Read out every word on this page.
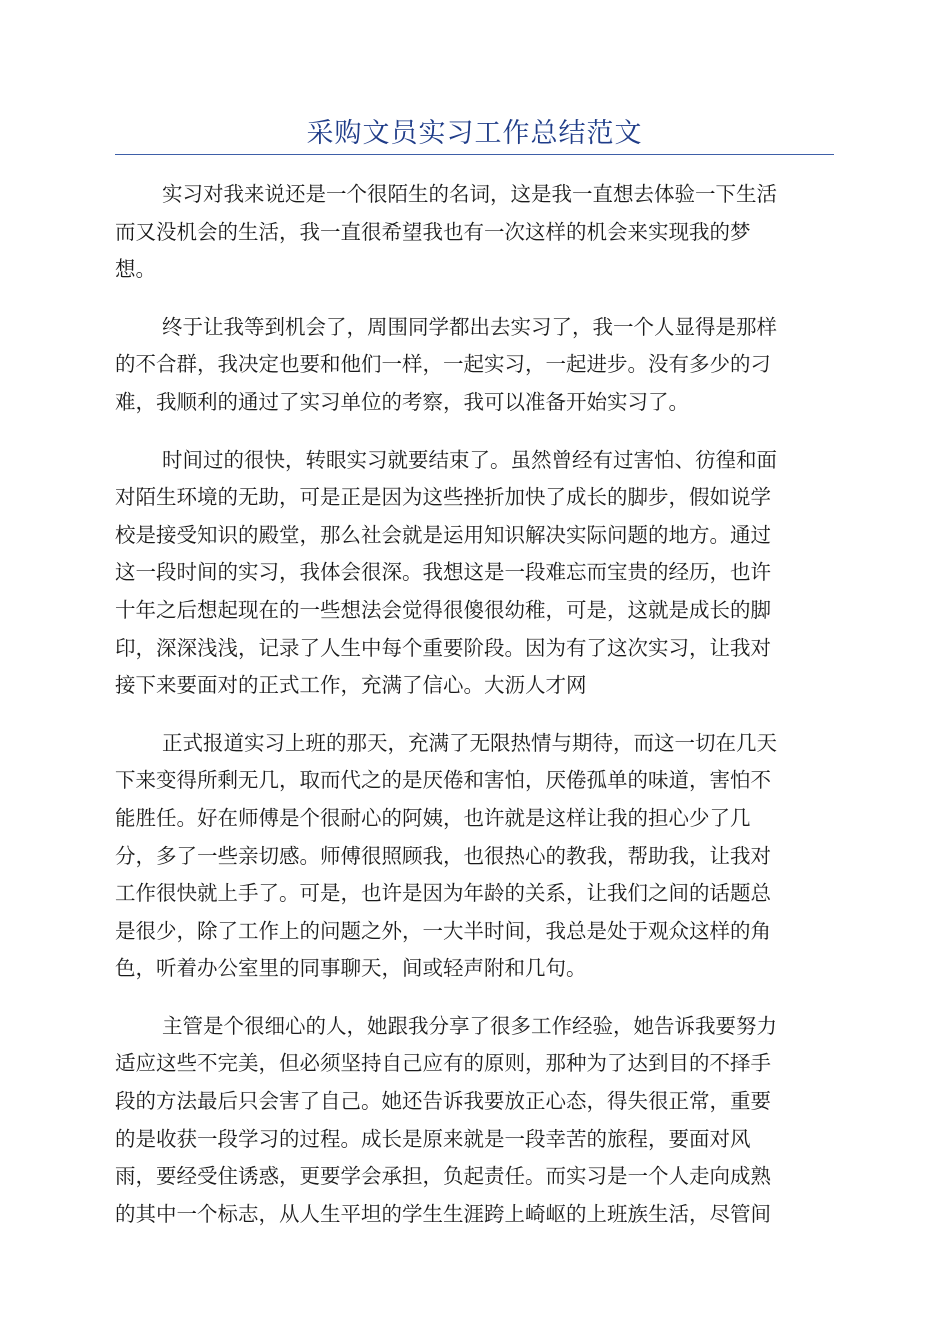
采购文员实习工作总结范文
实习对我来说还是一个很陌生的名词，这是我一直想去体验一下生活
而又没机会的生活，我一直很希望我也有一次这样的机会来实现我的梦
想。
终于让我等到机会了，周围同学都出去实习了，我一个人显得是那样
的不合群，我决定也要和他们一样，一起实习，一起进步。没有多少的刁
难，我顺利的通过了实习单位的考察，我可以准备开始实习了。
时间过的很快，转眼实习就要结束了。虽然曾经有过害怕、彷徨和面
对陌生环境的无助，可是正是因为这些挫折加快了成长的脚步，假如说学
校是接受知识的殿堂，那么社会就是运用知识解决实际问题的地方。通过
这一段时间的实习，我体会很深。我想这是一段难忘而宝贵的经历，也许
十年之后想起现在的一些想法会觉得很傻很幼稚，可是，这就是成长的脚
印，深深浅浅，记录了人生中每个重要阶段。因为有了这次实习，让我对
接下来要面对的正式工作，充满了信心。大沥人才网
正式报道实习上班的那天，充满了无限热情与期待，而这一切在几天
下来变得所剩无几，取而代之的是厌倦和害怕，厌倦孤单的味道，害怕不
能胜任。好在师傅是个很耐心的阿姨，也许就是这样让我的担心少了几
分，多了一些亲切感。师傅很照顾我，也很热心的教我，帮助我，让我对
工作很快就上手了。可是，也许是因为年龄的关系，让我们之间的话题总
是很少，除了工作上的问题之外，一大半时间，我总是处于观众这样的角
色，听着办公室里的同事聊天，间或轻声附和几句。
主管是个很细心的人，她跟我分享了很多工作经验，她告诉我要努力
适应这些不完美，但必须坚持自己应有的原则，那种为了达到目的不择手
段的方法最后只会害了自己。她还告诉我要放正心态，得失很正常，重要
的是收获一段学习的过程。成长是原来就是一段幸苦的旅程，要面对风
雨，要经受住诱惑，更要学会承担，负起责任。而实习是一个人走向成熟
的其中一个标志，从人生平坦的学生生涯跨上崎岖的上班族生活，尽管间
